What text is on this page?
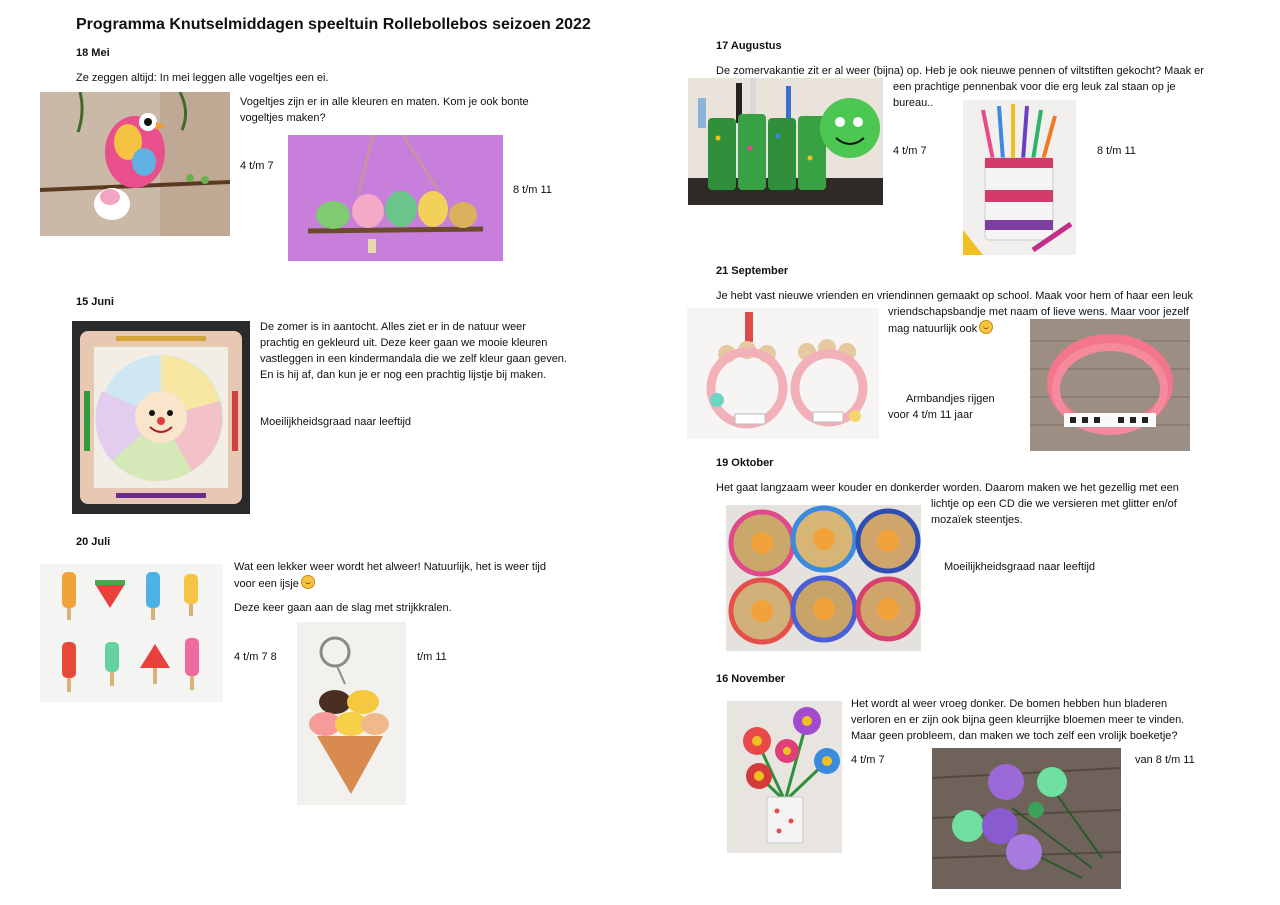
Programma Knutselmiddagen speeltuin Rollebollebos seizoen 2022
18 Mei
Ze zeggen altijd: In mei leggen alle vogeltjes een ei.
Vogeltjes zijn er in alle kleuren en maten. Kom je ook bonte
vogeltjes maken?
4 t/m 7
8 t/m 11
15 Juni
De zomer is in aantocht. Alles ziet er in de natuur weer
prachtig en gekleurd uit. Deze keer gaan we mooie kleuren
vastleggen in een kindermandala die we zelf kleur gaan geven.
En is hij af, dan kun je er nog een prachtig lijstje bij maken.
Moeilijkheidsgraad naar leeftijd
20 Juli
Wat een lekker weer wordt het alweer! Natuurlijk, het is weer tijd
voor een ijsje
Deze keer gaan aan de slag met strijkkralen.
4 t/m 7 8	t/m 11
17 Augustus
De zomervakantie zit er al weer (bijna) op. Heb je ook nieuwe pennen of viltstiften gekocht? Maak er
een prachtige pennenbak voor die erg leuk zal staan op je
bureau..
4 t/m 7	8 t/m 11
21 September
Je hebt vast nieuwe vrienden en vriendinnen gemaakt op school. Maak voor hem of haar een leuk
vriendschapsbandje met naam of lieve wens. Maar voor jezelf
mag natuurlijk ook
Armbandjes rijgen
voor 4 t/m 11 jaar
19 Oktober
Het gaat langzaam weer kouder en donkerder worden. Daarom maken we het gezellig met een
lichtje op een CD die we versieren met glitter en/of
mozaïek steentjes.
Moeilijkheidsgraad naar leeftijd
16 November
Het wordt al weer vroeg donker. De bomen hebben hun bladeren
verloren en er zijn ook bijna geen kleurrijke bloemen meer te vinden.
Maar geen probleem, dan maken we toch zelf een vrolijk boeketje?
4 t/m 7	van 8 t/m 11
